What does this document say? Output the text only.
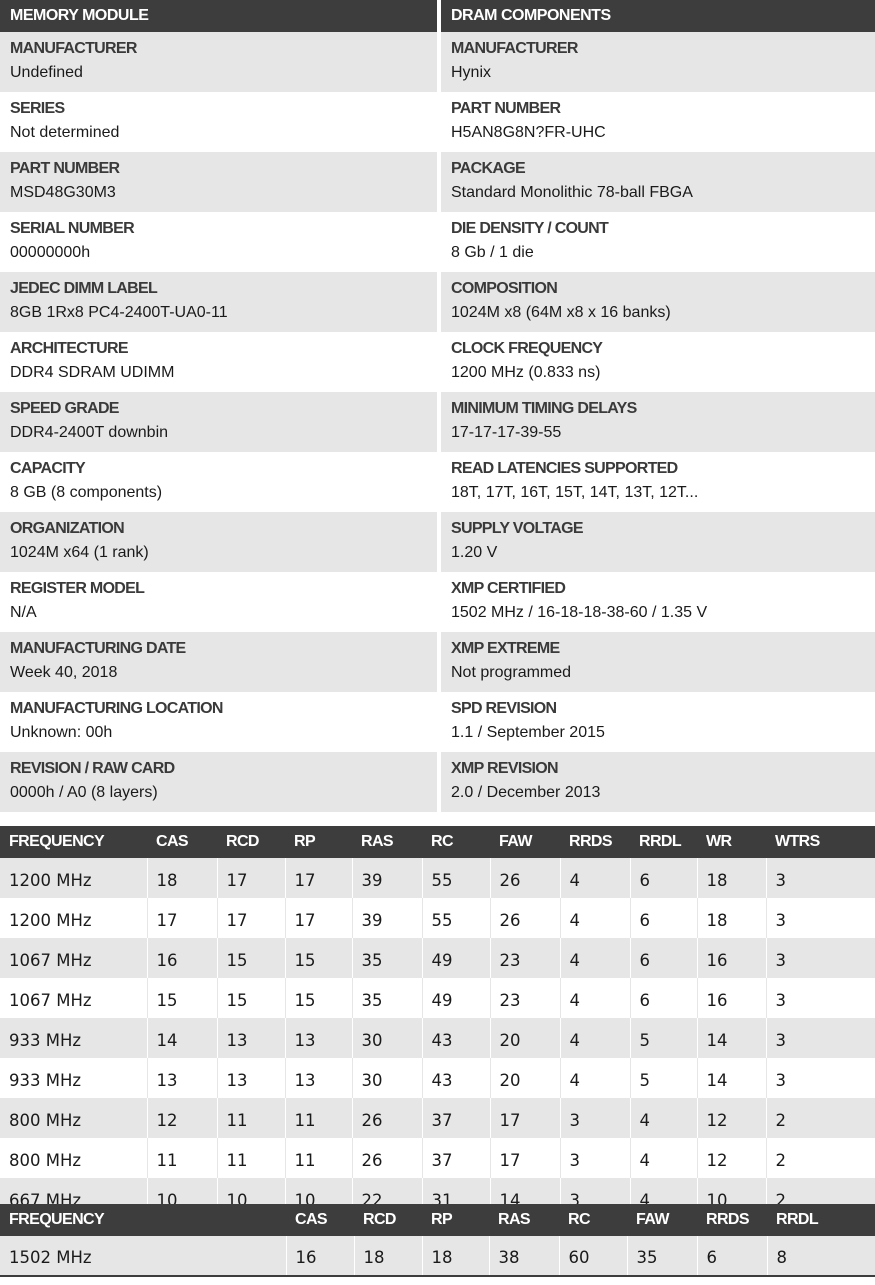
MEMORY MODULE
MANUFACTURER
Undefined
SERIES
Not determined
PART NUMBER
MSD48G30M3
SERIAL NUMBER
00000000h
JEDEC DIMM LABEL
8GB 1Rx8 PC4-2400T-UA0-11
ARCHITECTURE
DDR4 SDRAM UDIMM
SPEED GRADE
DDR4-2400T downbin
CAPACITY
8 GB (8 components)
ORGANIZATION
1024M x64 (1 rank)
REGISTER MODEL
N/A
MANUFACTURING DATE
Week 40, 2018
MANUFACTURING LOCATION
Unknown: 00h
REVISION / RAW CARD
0000h / A0 (8 layers)
DRAM COMPONENTS
MANUFACTURER
Hynix
PART NUMBER
H5AN8G8N?FR-UHC
PACKAGE
Standard Monolithic 78-ball FBGA
DIE DENSITY / COUNT
8 Gb / 1 die
COMPOSITION
1024M x8 (64M x8 x 16 banks)
CLOCK FREQUENCY
1200 MHz (0.833 ns)
MINIMUM TIMING DELAYS
17-17-17-39-55
READ LATENCIES SUPPORTED
18T, 17T, 16T, 15T, 14T, 13T, 12T...
SUPPLY VOLTAGE
1.20 V
XMP CERTIFIED
1502 MHz / 16-18-18-38-60 / 1.35 V
XMP EXTREME
Not programmed
SPD REVISION
1.1 / September 2015
XMP REVISION
2.0 / December 2013
FREQUENCY	CAS	RCD	RP	RAS	RC	FAW	RRDS	RRDL	WR	WTRS
1200 MHz	18	17	17	39	55	26	4	6	18	3
1200 MHz	17	17	17	39	55	26	4	6	18	3
1067 MHz	16	15	15	35	49	23	4	6	16	3
1067 MHz	15	15	15	35	49	23	4	6	16	3
933 MHz	14	13	13	30	43	20	4	5	14	3
933 MHz	13	13	13	30	43	20	4	5	14	3
800 MHz	12	11	11	26	37	17	3	4	12	2
800 MHz	11	11	11	26	37	17	3	4	12	2
667 MHz	10	10	10	22	31	14	3	4	10	2
FREQUENCY	CAS	RCD	RP	RAS	RC	FAW	RRDS	RRDL
1502 MHz	16	18	18	38	60	35	6	8
